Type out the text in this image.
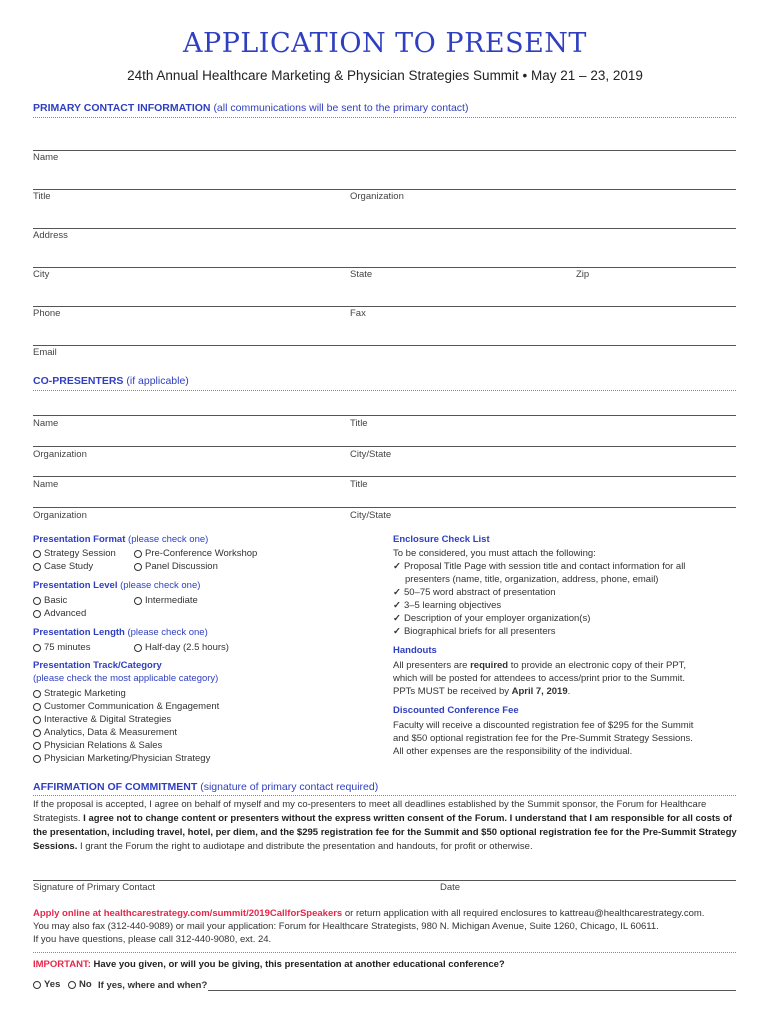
APPLICATION TO PRESENT
24th Annual Healthcare Marketing & Physician Strategies Summit • May 21 – 23, 2019
PRIMARY CONTACT INFORMATION (all communications will be sent to the primary contact)
Name
Title	Organization
Address
City	State	Zip
Phone	Fax
Email
CO-PRESENTERS (if applicable)
Name	Title
Organization	City/State
Name	Title
Organization	City/State
Presentation Format (please check one)
Strategy Session	Pre-Conference Workshop
Case Study	Panel Discussion
Presentation Level (please check one)
Basic	Intermediate
Advanced
Presentation Length (please check one)
75 minutes	Half-day (2.5 hours)
Presentation Track/Category
(please check the most applicable category)
Strategic Marketing
Customer Communication & Engagement
Interactive & Digital Strategies
Analytics, Data & Measurement
Physician Relations & Sales
Physician Marketing/Physician Strategy
Enclosure Check List
To be considered, you must attach the following:
✓ Proposal Title Page with session title and contact information for all
presenters (name, title, organization, address, phone, email)
✓ 50–75 word abstract of presentation
✓ 3–5 learning objectives
✓ Description of your employer organization(s)
✓ Biographical briefs for all presenters
Handouts
All presenters are required to provide an electronic copy of their PPT,
which will be posted for attendees to access/print prior to the Summit.
PPTs MUST be received by April 7, 2019.
Discounted Conference Fee
Faculty will receive a discounted registration fee of $295 for the Summit
and $50 optional registration fee for the Pre-Summit Strategy Sessions.
All other expenses are the responsibility of the individual.
AFFIRMATION OF COMMITMENT (signature of primary contact required)
If the proposal is accepted, I agree on behalf of myself and my co-presenters to meet all deadlines established by the Summit sponsor, the Forum for Healthcare Strategists. I agree not to change content or presenters without the express written consent of the Forum. I understand that I am responsible for all costs of the presentation, including travel, hotel, per diem, and the $295 registration fee for the Summit and $50 optional registration fee for the Pre-Summit Strategy Sessions. I grant the Forum the right to audiotape and distribute the presentation and handouts, for profit or otherwise.
Signature of Primary Contact	Date
Apply online at healthcarestrategy.com/summit/2019CallforSpeakers or return application with all required enclosures to kattreau@healthcarestrategy.com.
You may also fax (312-440-9089) or mail your application: Forum for Healthcare Strategists, 980 N. Michigan Avenue, Suite 1260, Chicago, IL 60611.
If you have questions, please call 312-440-9080, ext. 24.
IMPORTANT: Have you given, or will you be giving, this presentation at another educational conference?
Yes No If yes, where and when?
